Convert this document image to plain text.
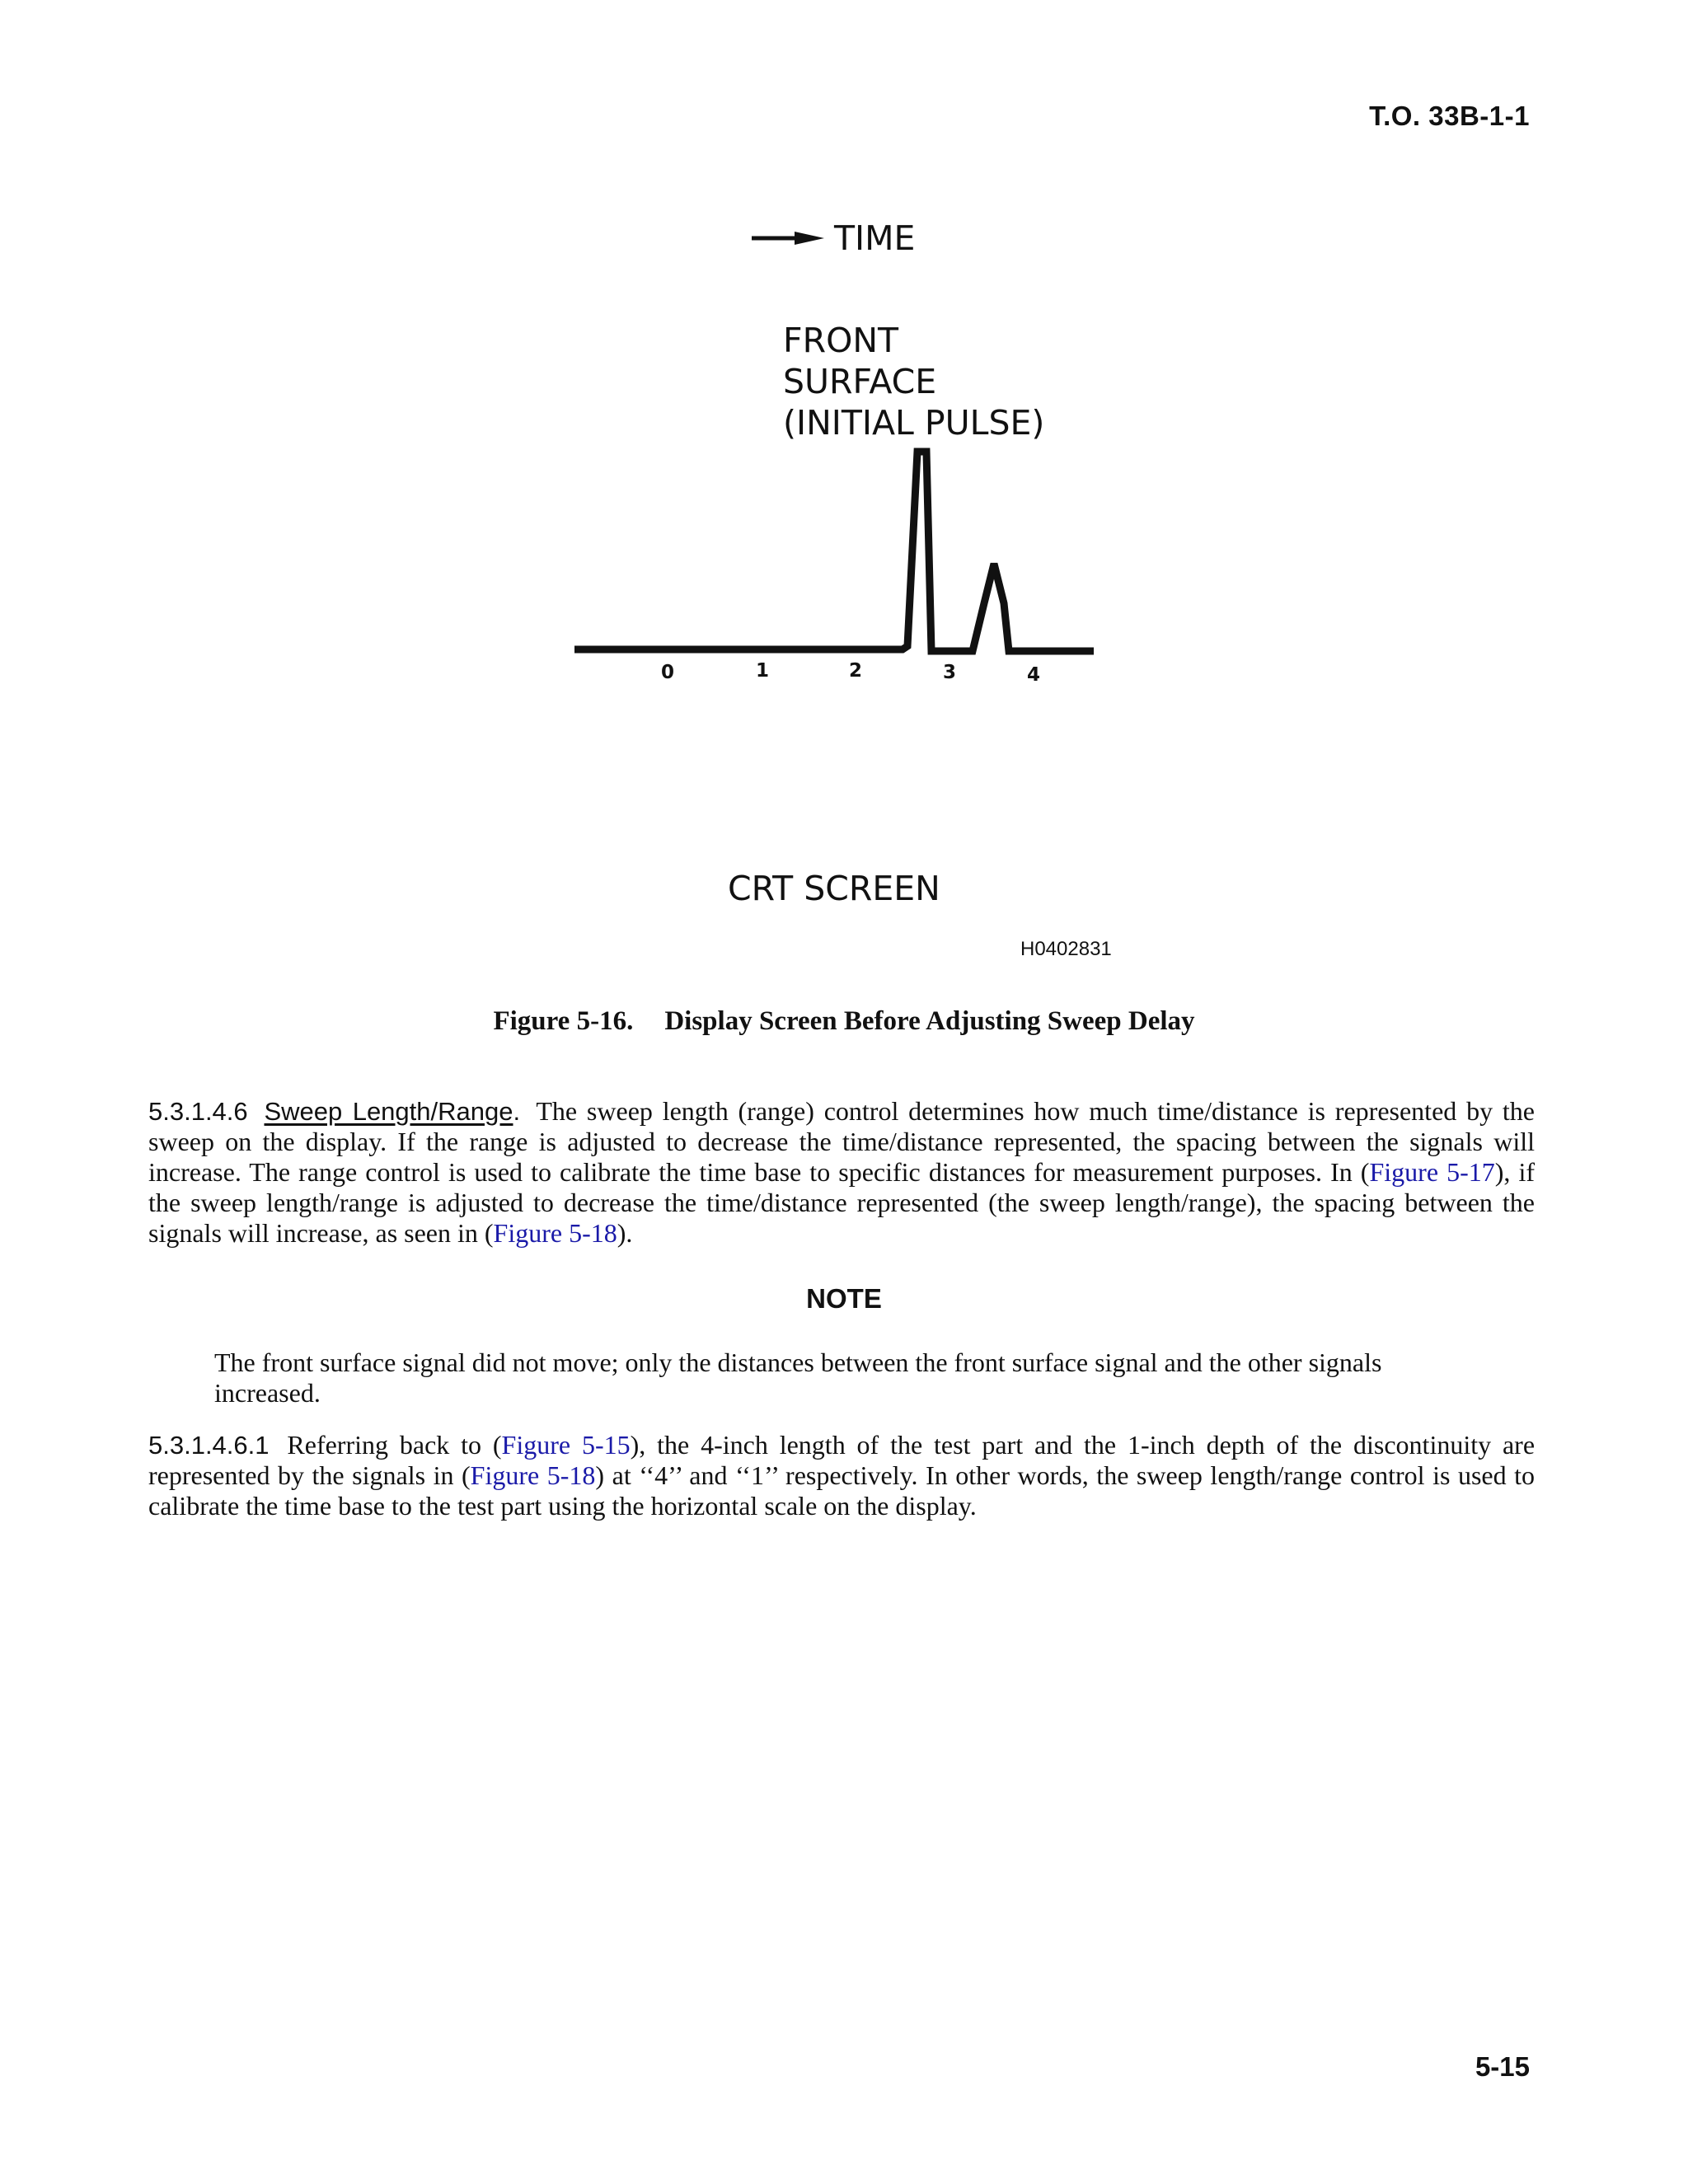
T.O. 33B-1-1
TIME
FRONT
SURFACE
(INITIAL PULSE)
0	1	2	3	4
CRT SCREEN
H0402831
Figure 5-16. Display Screen Before Adjusting Sweep Delay
5.3.1.4.6 Sweep Length/Range. The sweep length (range) control determines how much time/distance is represented by the sweep on the display. If the range is adjusted to decrease the time/distance represented, the spacing between the signals will increase. The range control is used to calibrate the time base to specific distances for measurement purposes. In (Figure 5-17), if the sweep length/range is adjusted to decrease the time/distance represented (the sweep length/range), the spacing between the signals will increase, as seen in (Figure 5-18).
NOTE
The front surface signal did not move; only the distances between the front surface signal and the other signals increased.
5.3.1.4.6.1 Referring back to (Figure 5-15), the 4-inch length of the test part and the 1-inch depth of the discontinuity are represented by the signals in (Figure 5-18) at ‘‘4’’ and ‘‘1’’ respectively. In other words, the sweep length/range control is used to calibrate the time base to the test part using the horizontal scale on the display.
5-15
